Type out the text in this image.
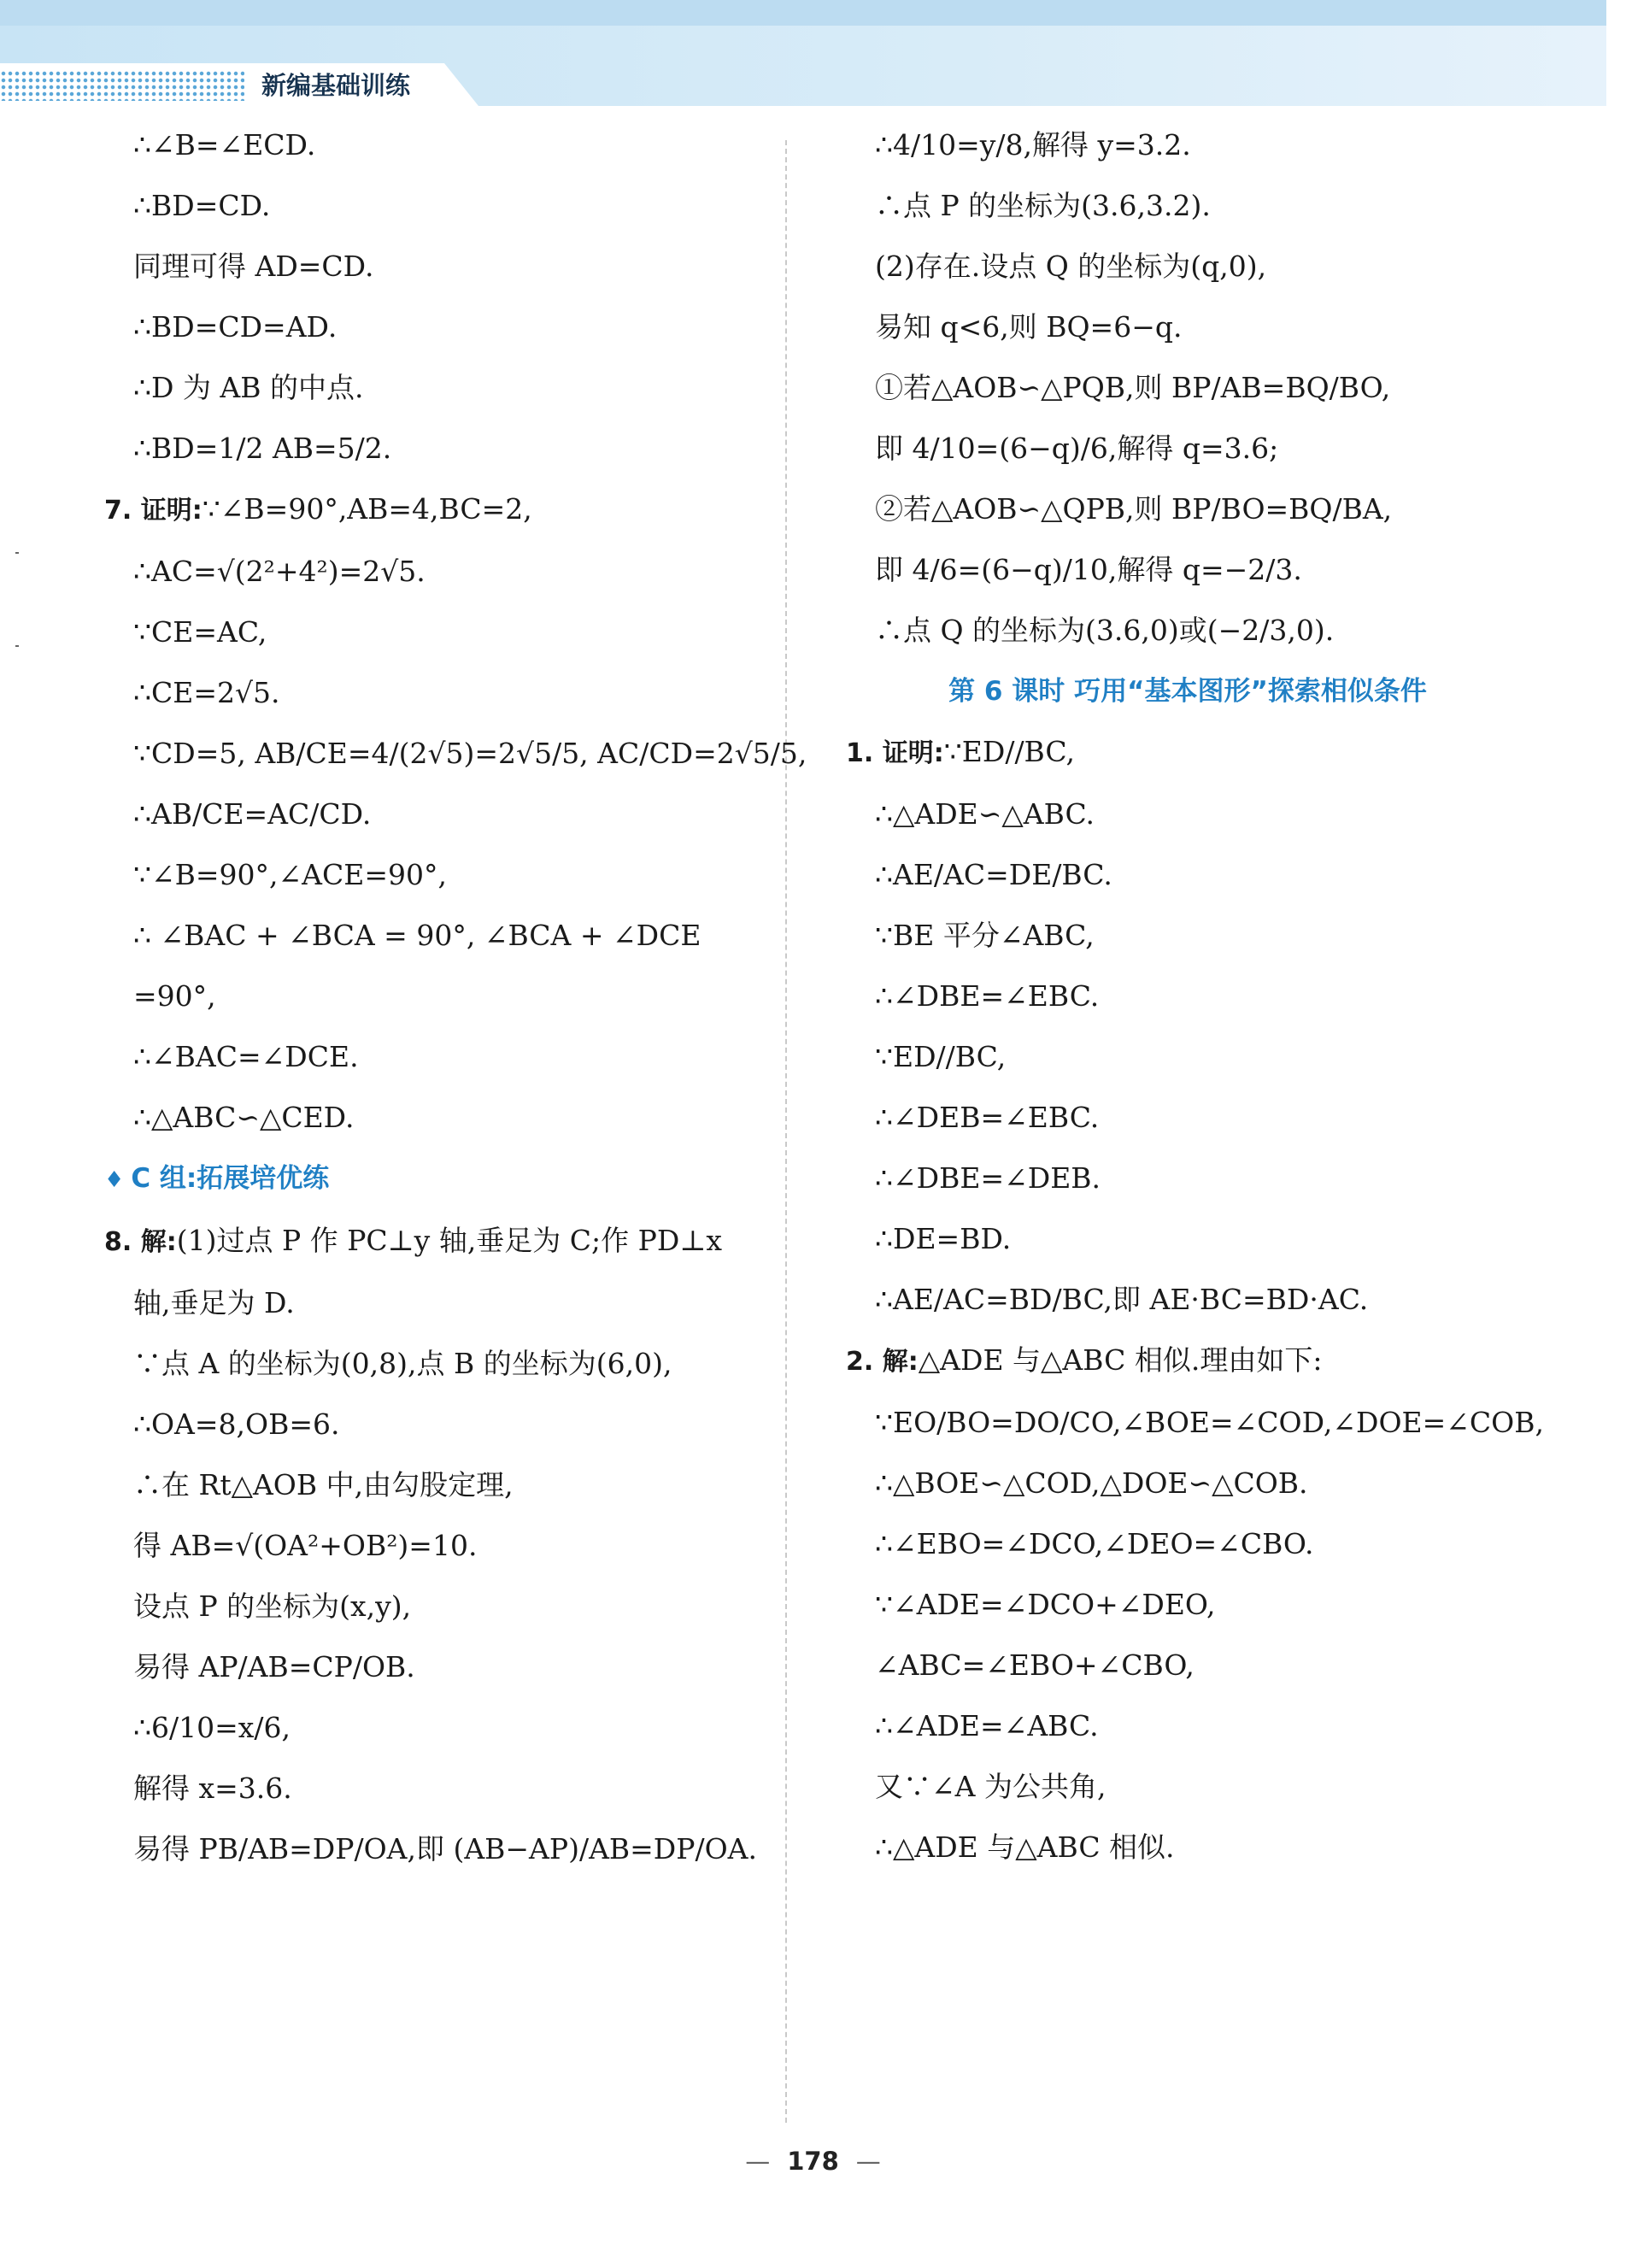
新编基础训练
∴∠B=∠ECD.
∴BD=CD.
同理可得 AD=CD.
∴BD=CD=AD.
∴D 为 AB 的中点.
∴BD=1/2 AB=5/2.
7. 证明:∵∠B=90°,AB=4,BC=2,
∴AC=√(2²+4²)=2√5.
∵CE=AC,
∴CE=2√5.
∵CD=5, AB/CE=4/(2√5)=2√5/5, AC/CD=2√5/5,
∴AB/CE=AC/CD.
∵∠B=90°,∠ACE=90°,
∴ ∠BAC + ∠BCA = 90°, ∠BCA + ∠DCE
=90°,
∴∠BAC=∠DCE.
∴△ABC∽△CED.
♦ C 组:拓展培优练
8. 解:(1)过点 P 作 PC⊥y 轴,垂足为 C;作 PD⊥x
轴,垂足为 D.
∵点 A 的坐标为(0,8),点 B 的坐标为(6,0),
∴OA=8,OB=6.
∴在 Rt△AOB 中,由勾股定理,
得 AB=√(OA²+OB²)=10.
设点 P 的坐标为(x,y),
易得 AP/AB=CP/OB.
∴6/10=x/6,
解得 x=3.6.
易得 PB/AB=DP/OA,即 (AB−AP)/AB=DP/OA.
∴4/10=y/8,解得 y=3.2.
∴点 P 的坐标为(3.6,3.2).
(2)存在.设点 Q 的坐标为(q,0),
易知 q<6,则 BQ=6−q.
①若△AOB∽△PQB,则 BP/AB=BQ/BO,
即 4/10=(6−q)/6,解得 q=3.6;
②若△AOB∽△QPB,则 BP/BO=BQ/BA,
即 4/6=(6−q)/10,解得 q=−2/3.
∴点 Q 的坐标为(3.6,0)或(−2/3,0).
第 6 课时 巧用“基本图形”探索相似条件
1. 证明:∵ED//BC,
∴△ADE∽△ABC.
∴AE/AC=DE/BC.
∵BE 平分∠ABC,
∴∠DBE=∠EBC.
∵ED//BC,
∴∠DEB=∠EBC.
∴∠DBE=∠DEB.
∴DE=BD.
∴AE/AC=BD/BC,即 AE·BC=BD·AC.
2. 解:△ADE 与△ABC 相似.理由如下:
∵EO/BO=DO/CO,∠BOE=∠COD,∠DOE=∠COB,
∴△BOE∽△COD,△DOE∽△COB.
∴∠EBO=∠DCO,∠DEO=∠CBO.
∵∠ADE=∠DCO+∠DEO,
∠ABC=∠EBO+∠CBO,
∴∠ADE=∠ABC.
又∵∠A 为公共角,
∴△ADE 与△ABC 相似.
— 178 —
